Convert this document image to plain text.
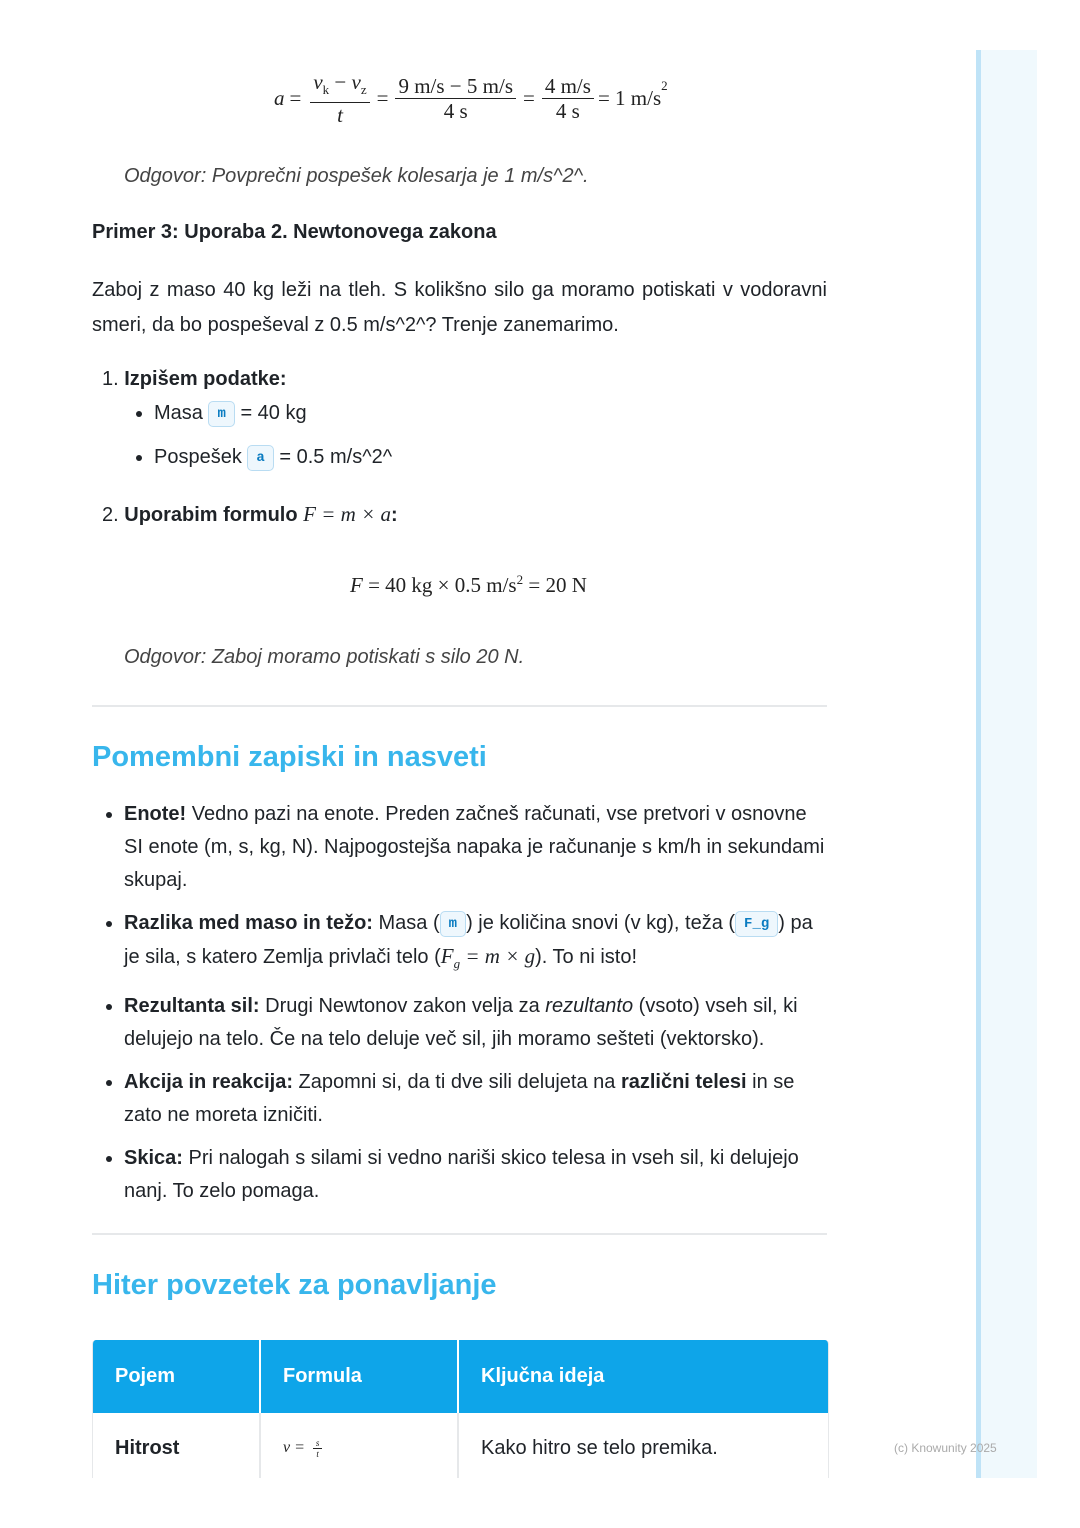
$a = \frac{v_k - v_z}{t} = \frac{9 m/s - 5 m/s}{4 s} = \frac{4 m/s}{4 s} = 1$ m/s
$^2$
Odgovor: Povprečni pospešek kolesarja je 1 m/s^2^.
Primer 3: Uporaba 2. Newtonovega zakona
Zaboj z maso 40 kg leži na tleh. S kolikšno silo ga moramo potiskati v vodoravni smeri, da bo pospeševal z 0.5 m/s^2^? Trenje zanemarimo.
1. Izpišem podatke:
• Masa m = 40 kg
• Pospešek a = 0.5 m/s^2^
2. Uporabim formulo F = m × a:
F = 40 kg × 0.5 $m/s^2 = 20$ N
Odgovor: Zaboj moramo potiskati s silo 20 N.
Pomembni zapiski in nasveti
• Enote! Vedno pazi na enote. Preden začneš računati, vse pretvori v osnovne SI enote (m, s, kg, N). Najpogostejša napaka je računanje s km/h in sekundami skupaj.
• Razlika med maso in težo: Masa ( m ) je količina snovi (v kg), teža ( F_g ) pa je sila, s katero Zemlja privlači telo $(F_g = m \times g)$. To ni isto!
• Rezultanta sil: Drugi Newtonov zakon velja za rezultanto (vsoto) vseh sil, ki delujejo na telo. Če na telo deluje več sil, jih moramo sešteti (vektorsko).
• Akcija in reakcija: Zapomni si, da ti dve sili delujeta na različni telesi in se zato ne moreta izničiti.
• Skica: Pri nalogah s silami si vedno nariši skico telesa in vseh sil, ki delujejo nanj. To zelo pomaga.
Hiter povzetek za ponavljanje
Pojem	Formula	Ključna ideja
Hitrost	$v = \frac{s}{t}$	Kako hitro se telo premika.	(c) Knowunity 2025
